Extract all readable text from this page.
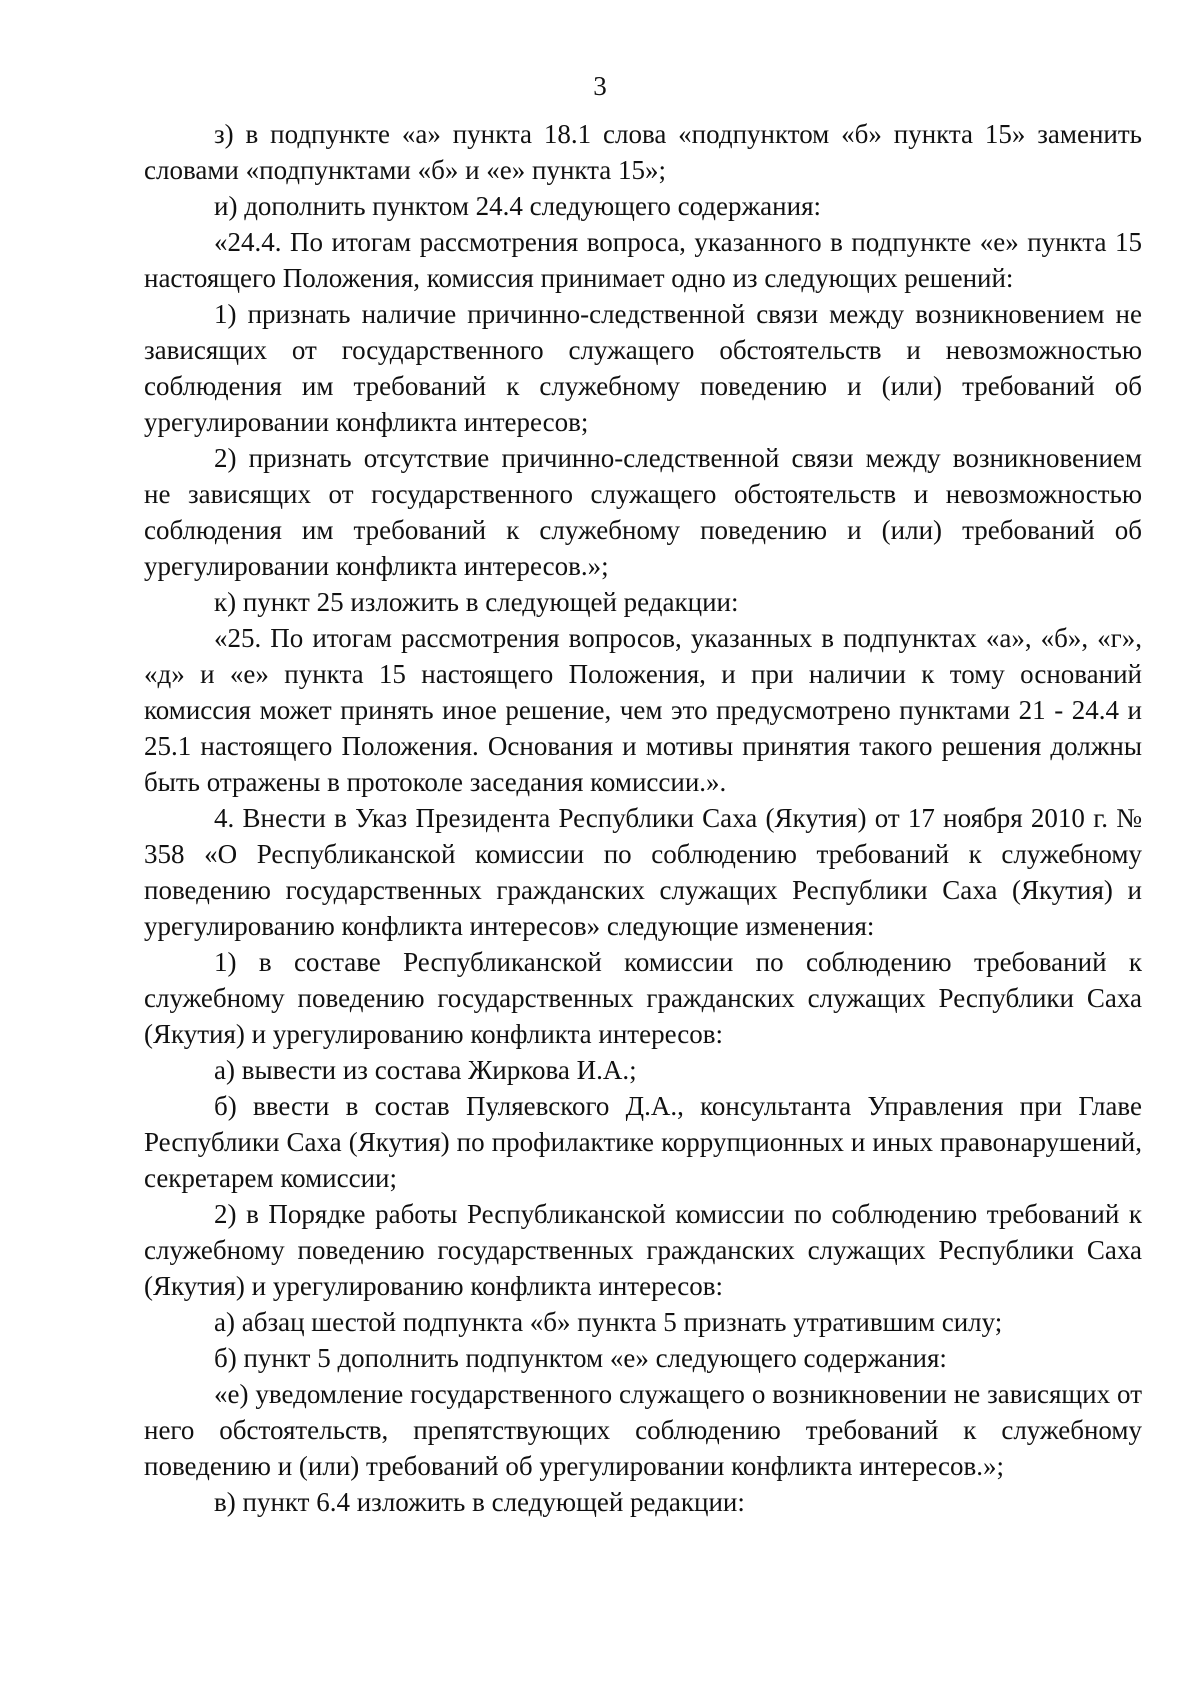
3

з) в подпункте «а» пункта 18.1 слова «подпунктом «б» пункта 15» заменить словами «подпунктами «б» и «е» пункта 15»;

и) дополнить пунктом 24.4 следующего содержания:

«24.4. По итогам рассмотрения вопроса, указанного в подпункте «е» пункта 15 настоящего Положения, комиссия принимает одно из следующих решений:

1) признать наличие причинно-следственной связи между возникновением не зависящих от государственного служащего обстоятельств и невозможностью соблюдения им требований к служебному поведению и (или) требований об урегулировании конфликта интересов;

2) признать отсутствие причинно-следственной связи между возникновением не зависящих от государственного служащего обстоятельств и невозможностью соблюдения им требований к служебному поведению и (или) требований об урегулировании конфликта интересов.»;

к) пункт 25 изложить в следующей редакции:

«25. По итогам рассмотрения вопросов, указанных в подпунктах «а», «б», «г», «д» и «е» пункта 15 настоящего Положения, и при наличии к тому оснований комиссия может принять иное решение, чем это предусмотрено пунктами 21 - 24.4 и 25.1 настоящего Положения. Основания и мотивы принятия такого решения должны быть отражены в протоколе заседания комиссии.».

4. Внести в Указ Президента Республики Саха (Якутия) от 17 ноября 2010 г. № 358 «О Республиканской комиссии по соблюдению требований к служебному поведению государственных гражданских служащих Республики Саха (Якутия) и урегулированию конфликта интересов» следующие изменения:

1) в составе Республиканской комиссии по соблюдению требований к служебному поведению государственных гражданских служащих Республики Саха (Якутия) и урегулированию конфликта интересов:

а) вывести из состава Жиркова И.А.;

б) ввести в состав Пуляевского Д.А., консультанта Управления при Главе Республики Саха (Якутия) по профилактике коррупционных и иных правонарушений, секретарем комиссии;

2) в Порядке работы Республиканской комиссии по соблюдению требований к служебному поведению государственных гражданских служащих Республики Саха (Якутия) и урегулированию конфликта интересов:

а) абзац шестой подпункта «б» пункта 5 признать утратившим силу;

б) пункт 5 дополнить подпунктом «е» следующего содержания:

«е) уведомление государственного служащего о возникновении не зависящих от него обстоятельств, препятствующих соблюдению требований к служебному поведению и (или) требований об урегулировании конфликта интересов.»;

в) пункт 6.4 изложить в следующей редакции:
